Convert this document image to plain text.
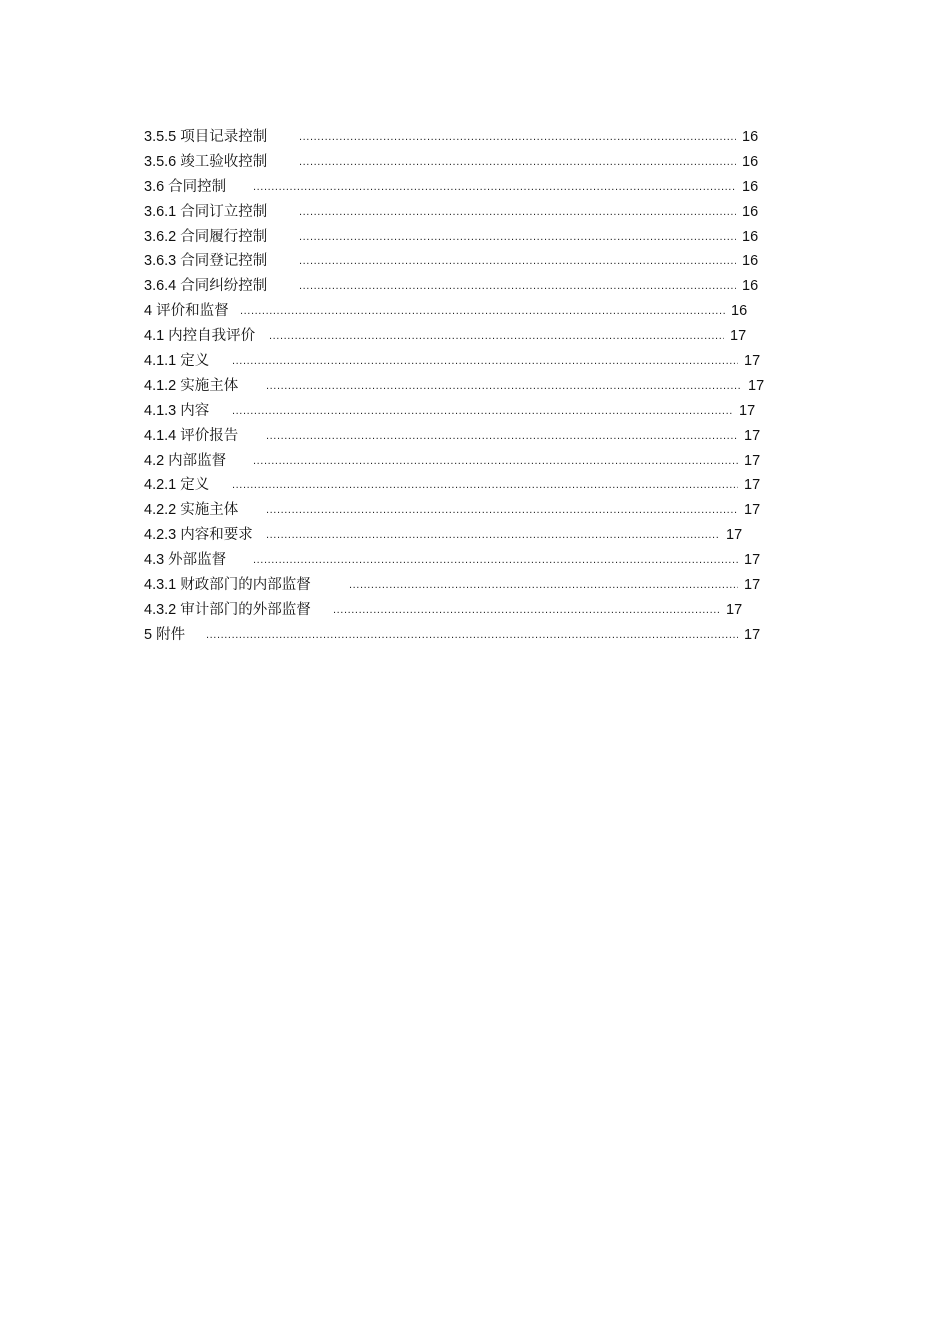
3.5.5 项目记录控制 .....	16
3.5.6 竣工验收控制 .....	16
3.6 合同控制 .....	16
3.6.1 合同订立控制 .....	16
3.6.2 合同履行控制 .....	16
3.6.3 合同登记控制 .....	16
3.6.4 合同纠纷控制 .....	16
4 评价和监督 .....	16
4.1 内控自我评价 .....	17
4.1.1 定义 .....	17
4.1.2 实施主体 .....	17
4.1.3 内容 .....	17
4.1.4 评价报告 .....	17
4.2 内部监督 .....	17
4.2.1 定义 .....	17
4.2.2 实施主体 .....	17
4.2.3 内容和要求 .....	17
4.3 外部监督 .....	17
4.3.1 财政部门的内部监督 .....	17
4.3.2 审计部门的外部监督 .....	17
5 附件 .....	17
